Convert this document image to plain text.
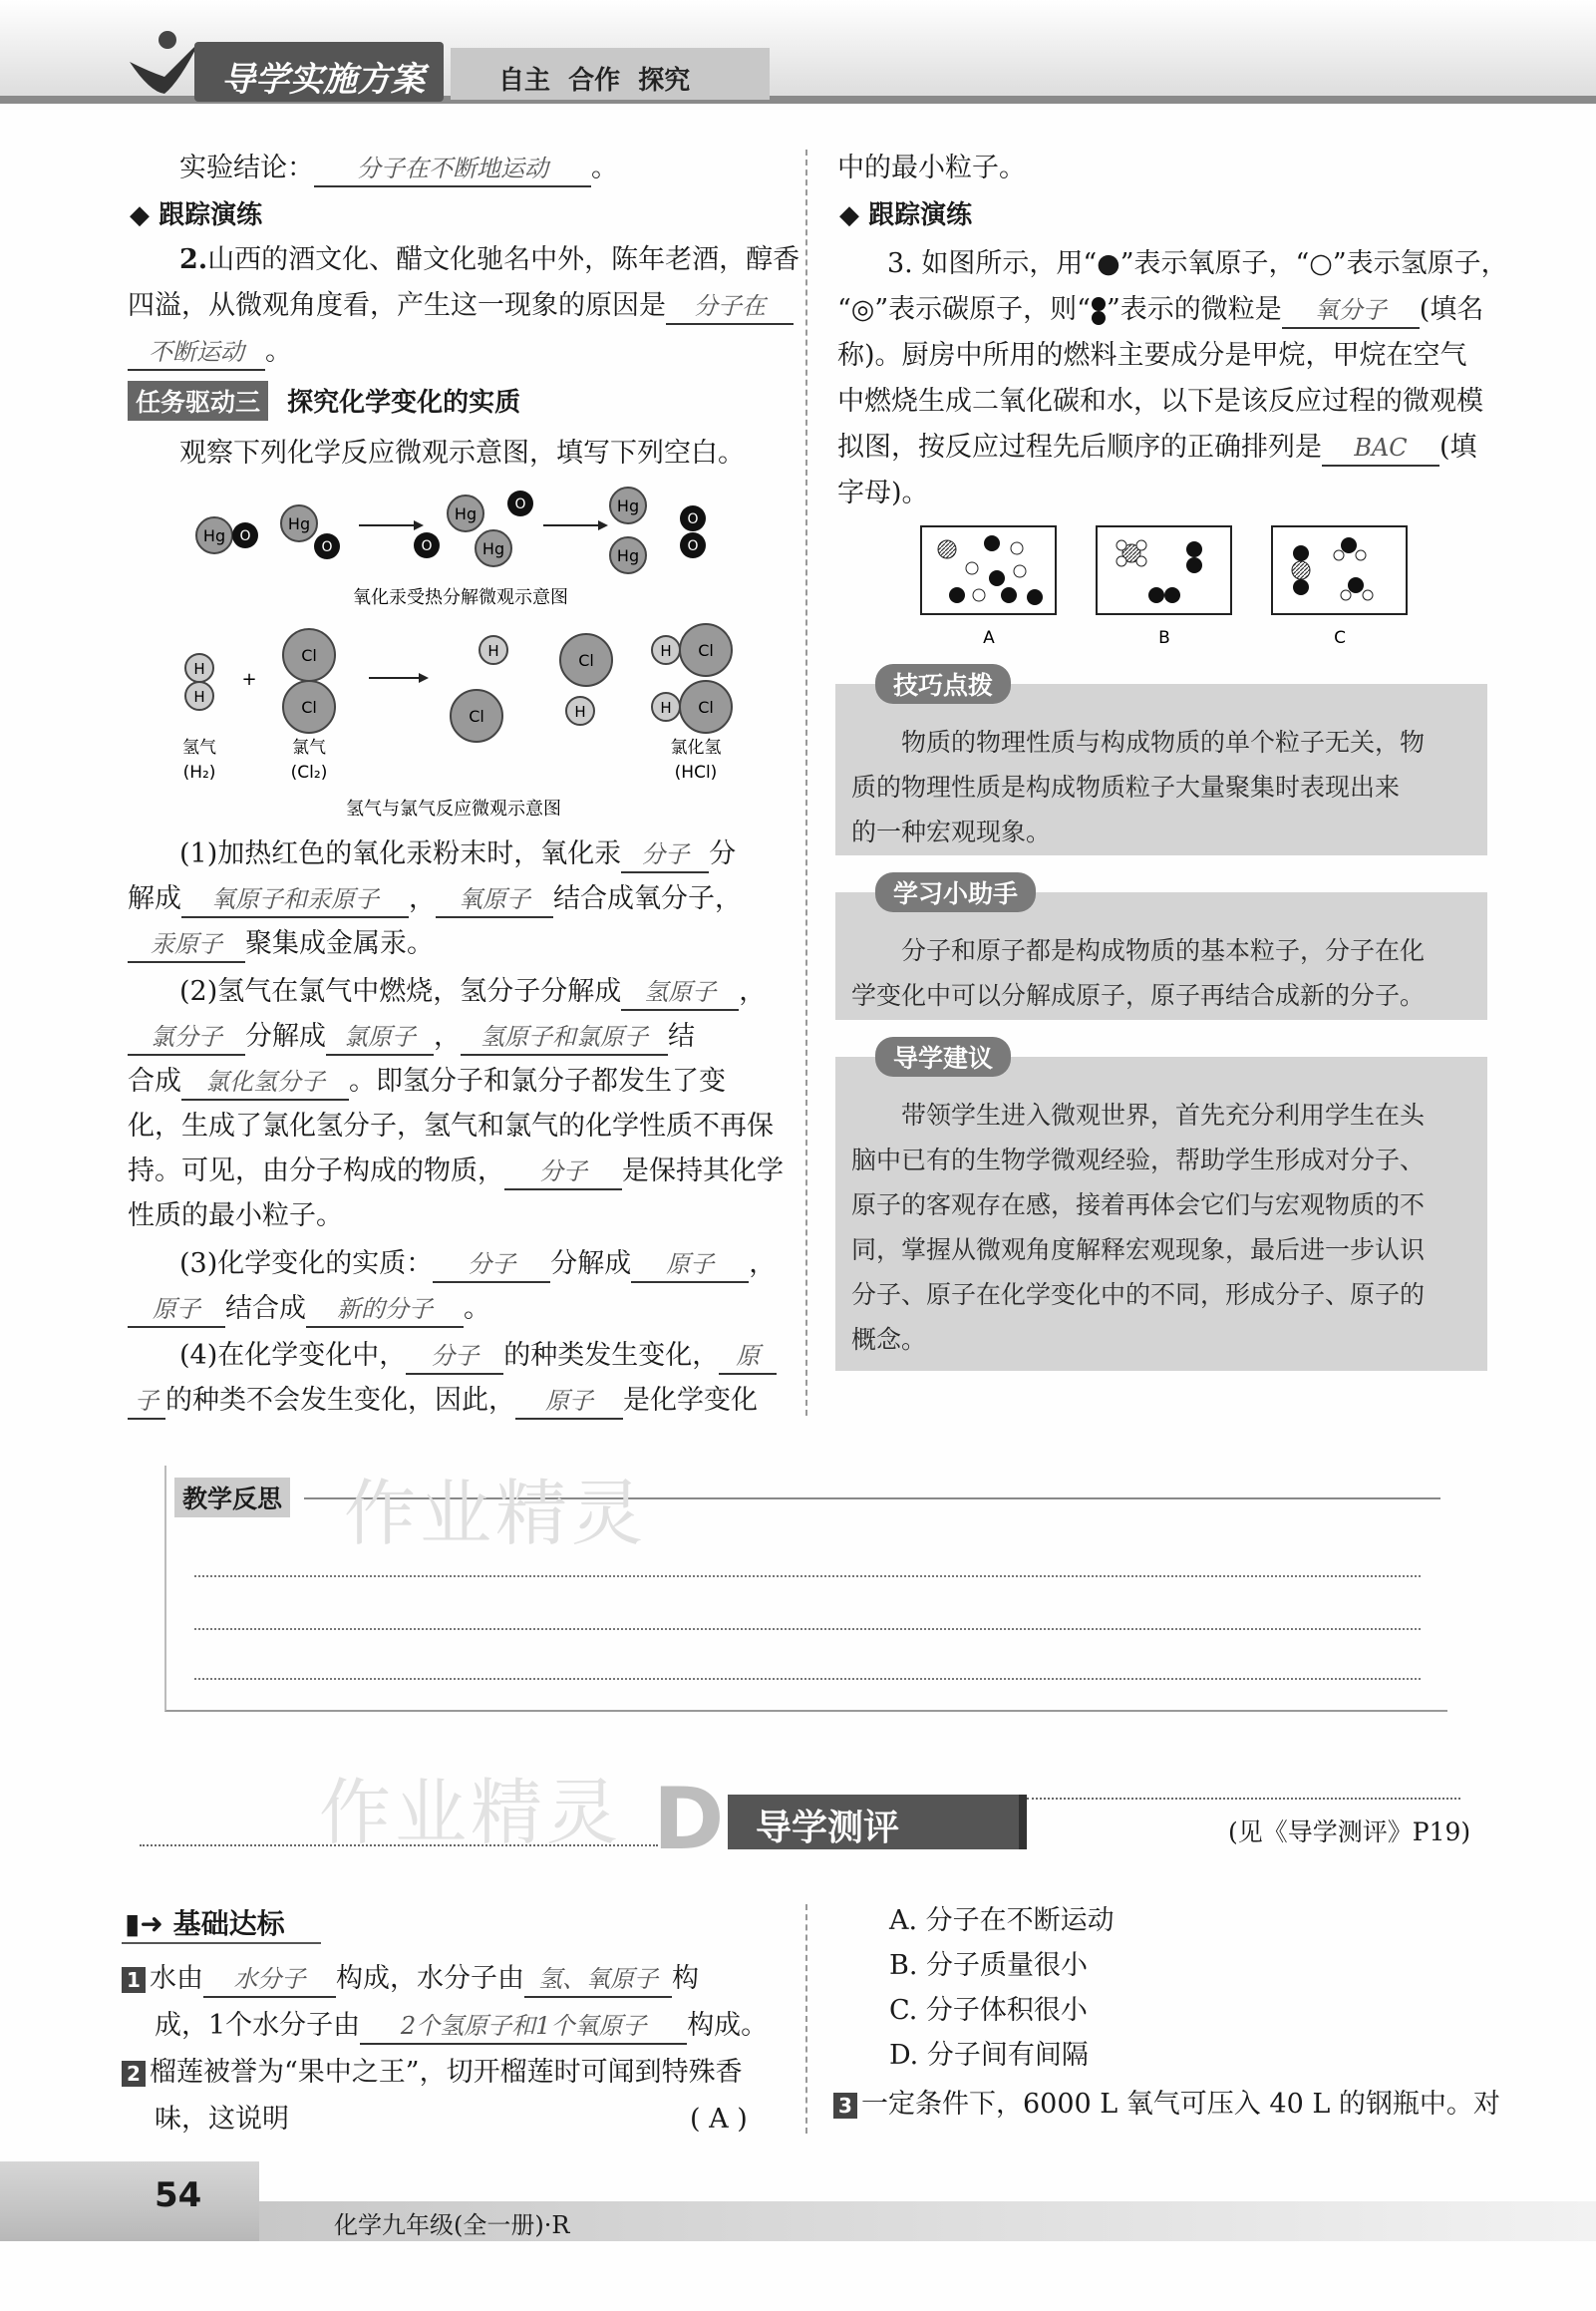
导学实施方案	自主  合作  探究
实验结论： 分子在不断地运动 。
◆ 跟踪演练
2.山西的酒文化、醋文化驰名中外，陈年老酒，醇香
四溢，从微观角度看，产生这一现象的原因是 分子在
不断运动 。
任务驱动三 探究化学变化的实质
观察下列化学反应微观示意图，填写下列空白。
Hg O
Hg
O
Hg	O
O	Hg
Hg
Hg
O
O
氧化汞受热分解微观示意图
H
H
+
Cl
Cl
H
Cl
Cl
H
H Cl
H Cl
氢气
(H₂)
氯气
(Cl₂)
氯化氢
(HCl)
氢气与氯气反应微观示意图
(1)加热红色的氧化汞粉末时，氧化汞 分子 分
解成 氧原子和汞原子 ， 氧原子 结合成氧分子，
汞原子 聚集成金属汞。
(2)氢气在氯气中燃烧，氢分子分解成 氢原子 ，
氯分子 分解成 氯原子 ， 氢原子和氯原子 结
合成 氯化氢分子 。即氢分子和氯分子都发生了变
化，生成了氯化氢分子，氢气和氯气的化学性质不再保
持。可见，由分子构成的物质， 分子 是保持其化学
性质的最小粒子。
(3)化学变化的实质： 分子 分解成 原子 ，
原子 结合成 新的分子 。
(4)在化学变化中， 分子 的种类发生变化， 原
子 的种类不会发生变化，因此， 原子 是化学变化
中的最小粒子。
◆ 跟踪演练
3. 如图所示，用“●”表示氧原子，“○”表示氢原子，
“◎”表示碳原子，则“ ”表示的微粒是 氧分子 (填名
称)。厨房中所用的燃料主要成分是甲烷，甲烷在空气
中燃烧生成二氧化碳和水，以下是该反应过程的微观模
拟图，按反应过程先后顺序的正确排列是 BAC (填
字母)。
A	B	C
技巧点拨
物质的物理性质与构成物质的单个粒子无关，物
质的物理性质是构成物质粒子大量聚集时表现出来
的一种宏观现象。
学习小助手
分子和原子都是构成物质的基本粒子，分子在化
学变化中可以分解成原子，原子再结合成新的分子。
导学建议
带领学生进入微观世界，首先充分利用学生在头
脑中已有的生物学微观经验，帮助学生形成对分子、
原子的客观存在感，接着再体会它们与宏观物质的不
同，掌握从微观角度解释宏观现象，最后进一步认识
分子、原子在化学变化中的不同，形成分子、原子的
概念。
教学反思 作业精灵
作业精灵 D 导学测评	(见《导学测评》P19)
▮➜ 基础达标
1 水由 水分子 构成，水分子由 氢、氧原子 构
成，1个水分子由 2个氢原子和1个氧原子 构成。
2 榴莲被誉为“果中之王”，切开榴莲时可闻到特殊香
味，这说明	( A )
A. 分子在不断运动
B. 分子质量很小
C. 分子体积很小
D. 分子间有间隔
3 一定条件下，6000 L 氧气可压入 40 L 的钢瓶中。对
54
化学九年级(全一册)·R
